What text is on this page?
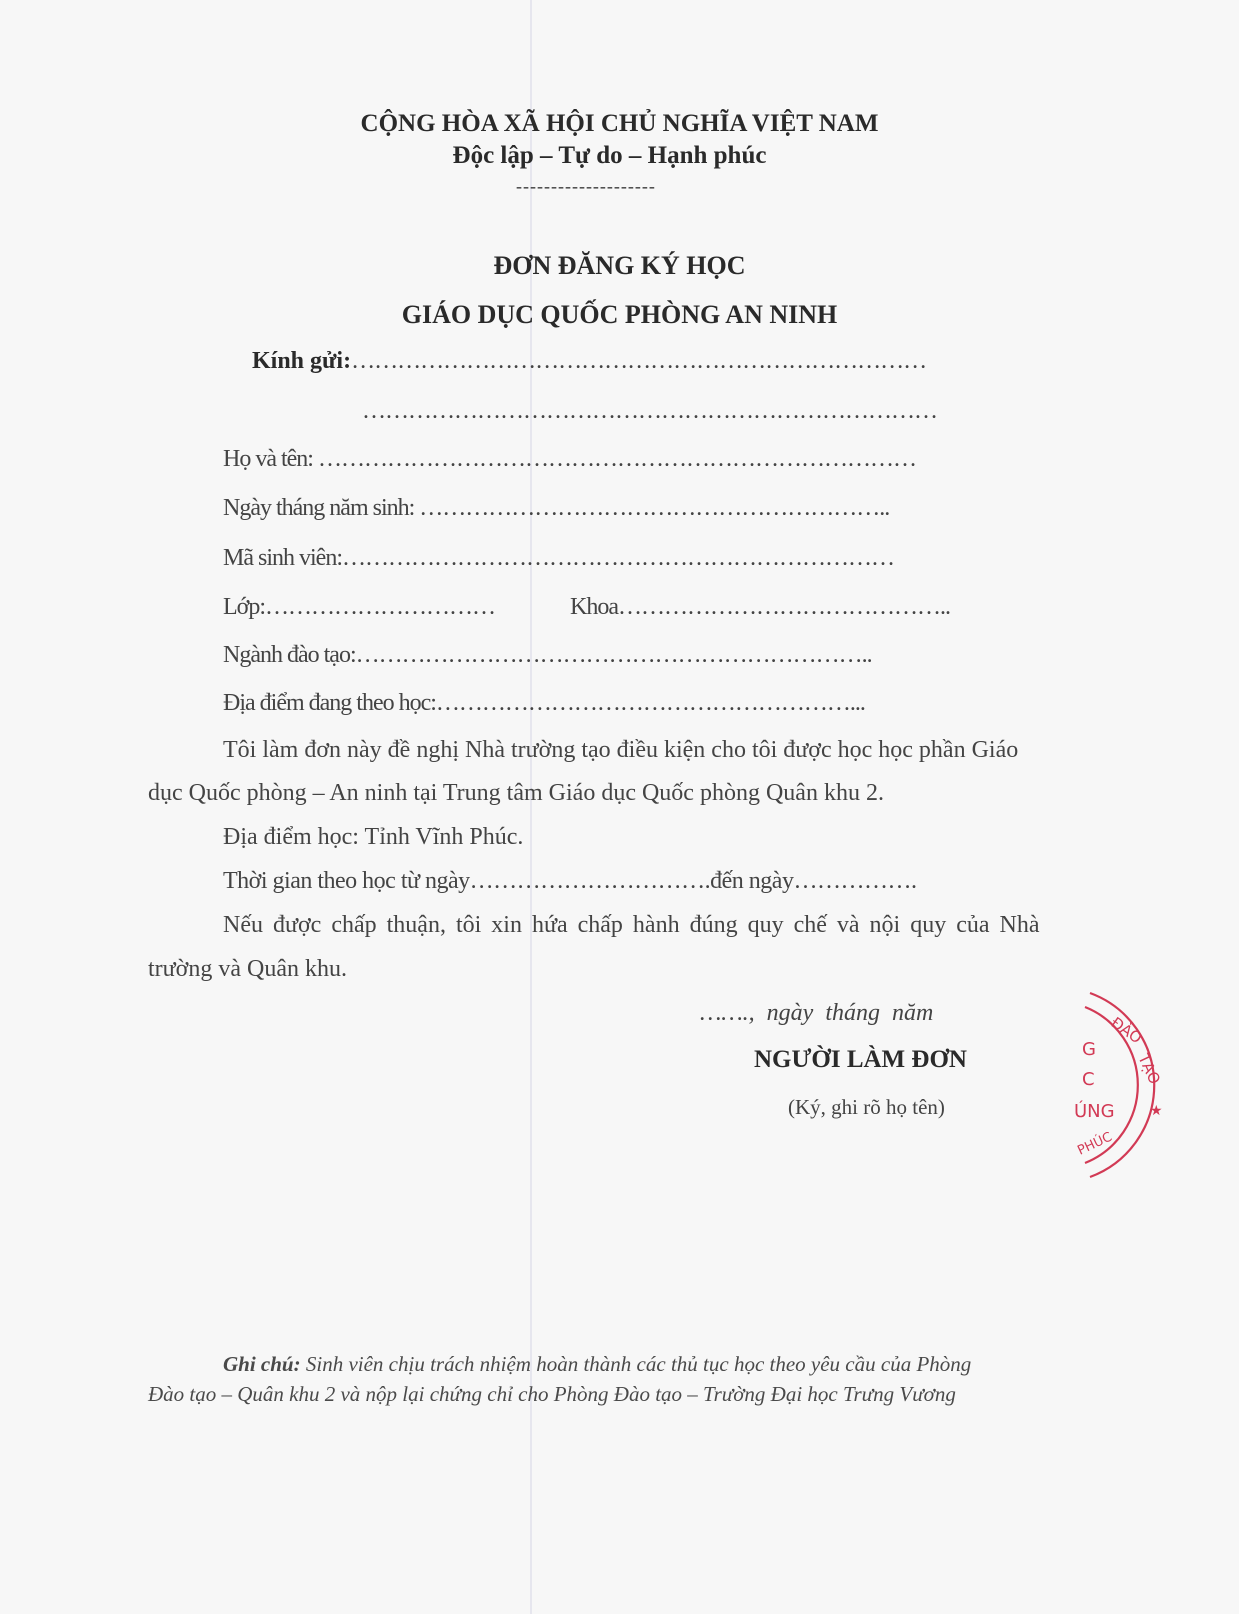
CỘNG HÒA XÃ HỘI CHỦ NGHĨA VIỆT NAM
Độc lập – Tự do – Hạnh phúc
--------------------
ĐƠN ĐĂNG KÝ HỌC
GIÁO DỤC QUỐC PHÒNG AN NINH
Kính gửi:…………………………………………………………………
…………………………………………………………………
Họ và tên: ……………………………………………………………………
Ngày tháng năm sinh: ……………………………………………………..
Mã sinh viên:………………………………………………………………
Lớp:…………………………	Khoa……………………………………..
Ngành đào tạo:…………………………………………………………..
Địa điểm đang theo học:………………………………………………...
Tôi làm đơn này đề nghị Nhà trường tạo điều kiện cho tôi được học học phần Giáo
dục Quốc phòng – An ninh tại Trung tâm Giáo dục Quốc phòng Quân khu 2.
Địa điểm học: Tỉnh Vĩnh Phúc.
Thời gian theo học từ ngày………………………….đến ngày…………….
Nếu được chấp thuận, tôi xin hứa chấp hành đúng quy chế và nội quy của Nhà
trường và Quân khu.
……., ngày tháng năm
NGƯỜI LÀM ĐƠN
(Ký, ghi rõ họ tên)
ĐÀO
TẠO
G
C
ÚNG	★
PHÚC
Ghi chú: Sinh viên chịu trách nhiệm hoàn thành các thủ tục học theo yêu cầu của Phòng
Đào tạo – Quân khu 2 và nộp lại chứng chỉ cho Phòng Đào tạo – Trường Đại học Trưng Vương
